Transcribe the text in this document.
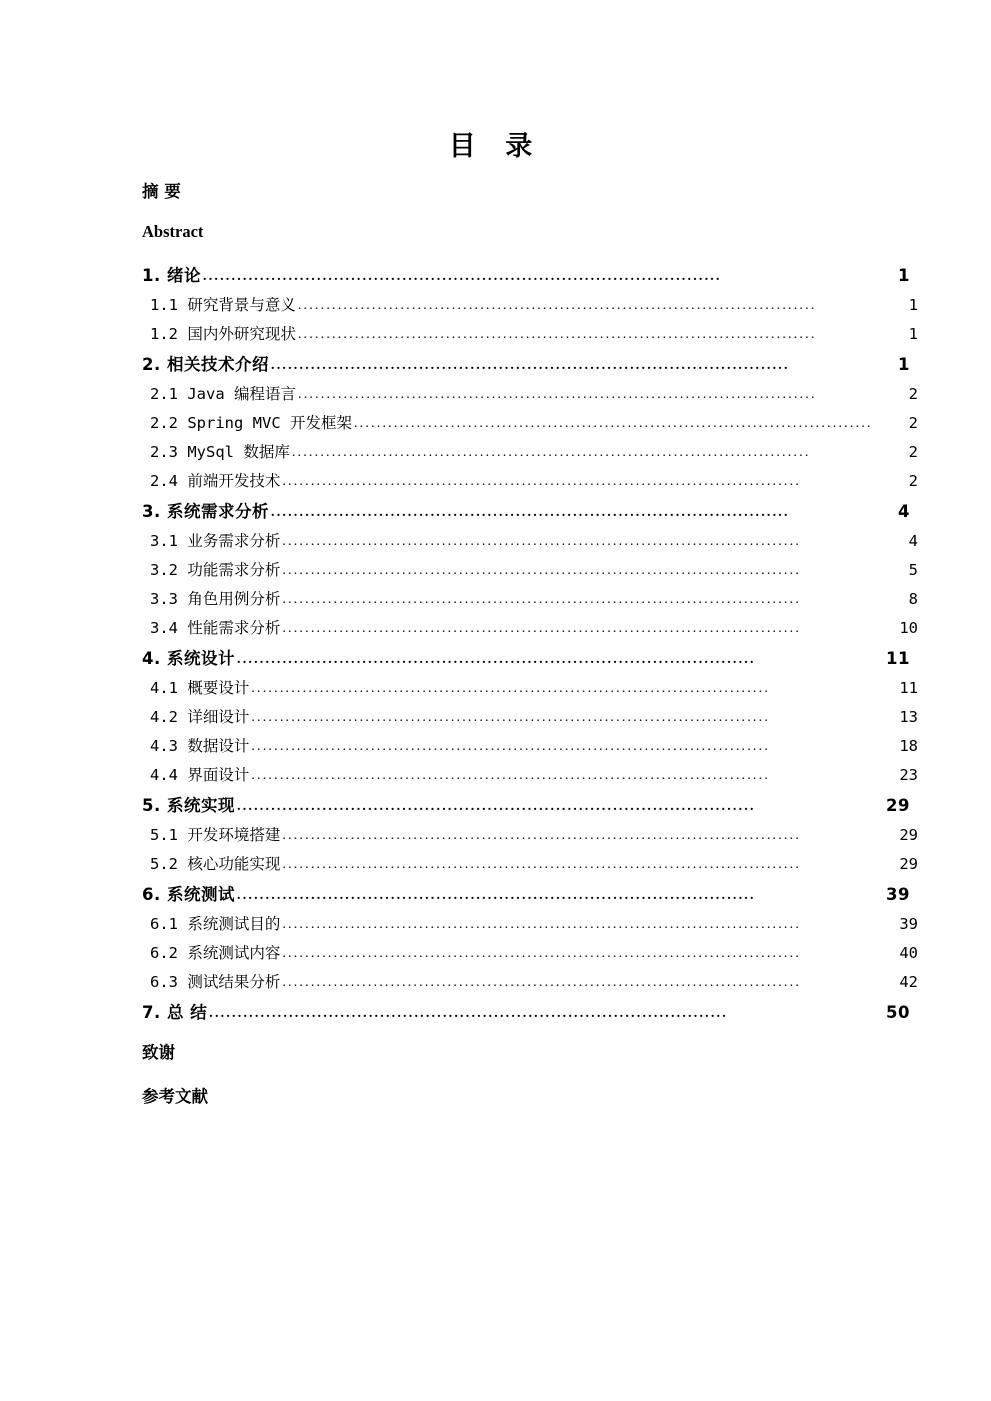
目 录
摘 要
Abstract
1. 绪论 ...........................................................................................	1
1.1 研究背景与意义 ...........................................................................................	1
1.2 国内外研究现状 ...........................................................................................	1
2. 相关技术介绍 ...........................................................................................	1
2.1 Java 编程语言 ...........................................................................................	2
2.2 Spring MVC 开发框架 ...........................................................................................	2
2.3 MySql 数据库 ...........................................................................................	2
2.4 前端开发技术 ...........................................................................................	2
3. 系统需求分析 ...........................................................................................	4
3.1 业务需求分析 ...........................................................................................	4
3.2 功能需求分析 ...........................................................................................	5
3.3 角色用例分析 ...........................................................................................	8
3.4 性能需求分析 ...........................................................................................	10
4. 系统设计 ...........................................................................................	11
4.1 概要设计 ...........................................................................................	11
4.2 详细设计 ...........................................................................................	13
4.3 数据设计 ...........................................................................................	18
4.4 界面设计 ...........................................................................................	23
5. 系统实现 ...........................................................................................	29
5.1 开发环境搭建 ...........................................................................................	29
5.2 核心功能实现 ...........................................................................................	29
6. 系统测试 ...........................................................................................	39
6.1 系统测试目的 ...........................................................................................	39
6.2 系统测试内容 ...........................................................................................	40
6.3 测试结果分析 ...........................................................................................	42
7. 总 结 ...........................................................................................	50
致谢
参考文献
